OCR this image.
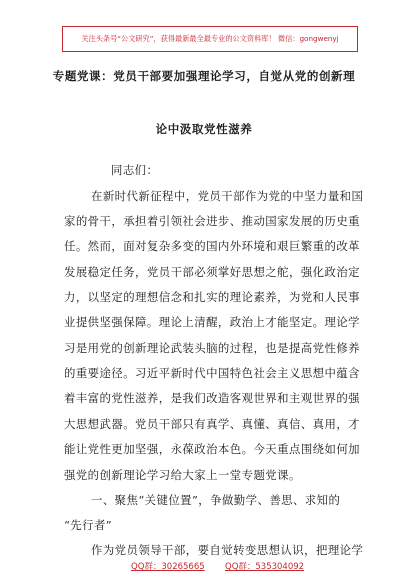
关注头条号“公文研究”，获得最新最全最专业的公文资料库！ 微信：gongwenyj
专题党课：党员干部要加强理论学习，自觉从党的创新理
论中汲取党性滋养
同志们：
在新时代新征程中，党员干部作为党的中坚力量和国
家的骨干，承担着引领社会进步、推动国家发展的历史重
任。然而，面对复杂多变的国内外环境和艰巨繁重的改革
发展稳定任务，党员干部必须掌好思想之舵，强化政治定
力，以坚定的理想信念和扎实的理论素养，为党和人民事
业提供坚强保障。理论上清醒，政治上才能坚定。理论学
习是用党的创新理论武装头脑的过程，也是提高党性修养
的重要途径。习近平新时代中国特色社会主义思想中蕴含
着丰富的党性滋养，是我们改造客观世界和主观世界的强
大思想武器。党员干部只有真学、真懂、真信、真用，才
能让党性更加坚强，永葆政治本色。今天重点围绕如何加
强党的创新理论学习给大家上一堂专题党课。
一、聚焦“关键位置”，争做勤学、善思、求知的
“先行者”
作为党员领导干部，要自觉转变思想认识，把理论学
QQ群：30265665 QQ群：535304092
